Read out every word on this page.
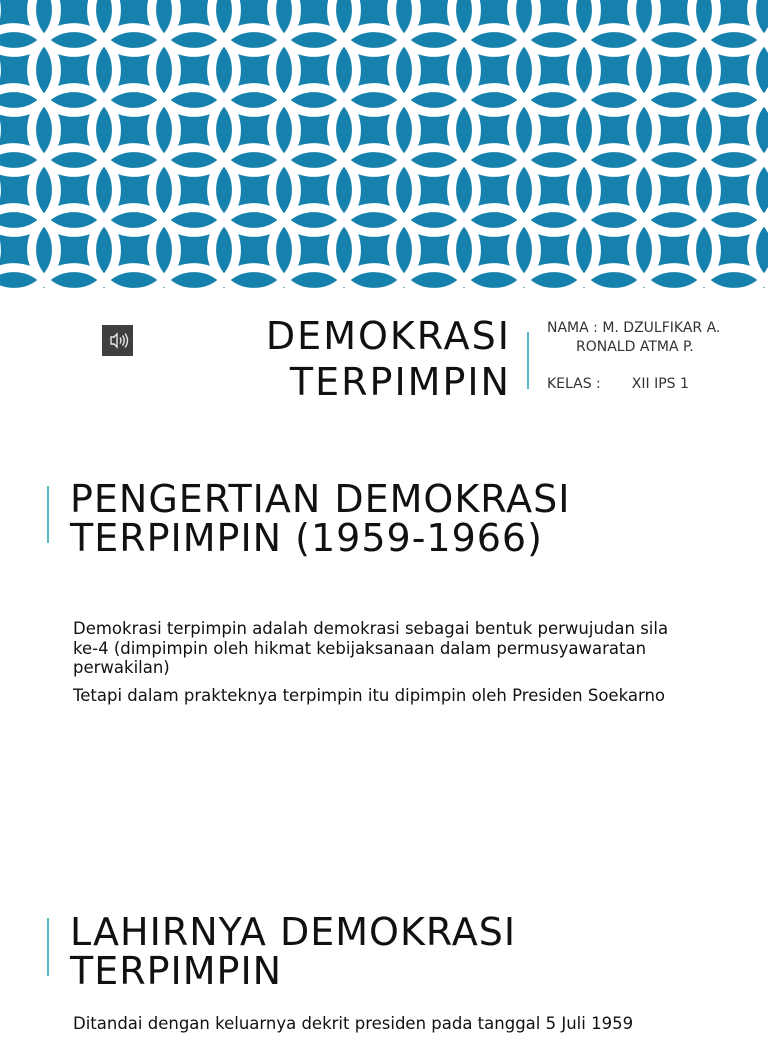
DEMOKRASI
TERPIMPIN
NAMA : M. DZULFIKAR A.
RONALD ATMA P.
KELAS : XII IPS 1
PENGERTIAN DEMOKRASI
TERPIMPIN (1959-1966)

Demokrasi terpimpin adalah demokrasi sebagai bentuk perwujudan sila ke-4 (dimpimpin oleh hikmat kebijaksanaan dalam permusyawaratan perwakilan)

Tetapi dalam prakteknya terpimpin itu dipimpin oleh Presiden Soekarno

LAHIRNYA DEMOKRASI
TERPIMPIN

Ditandai dengan keluarnya dekrit presiden pada tanggal 5 Juli 1959
